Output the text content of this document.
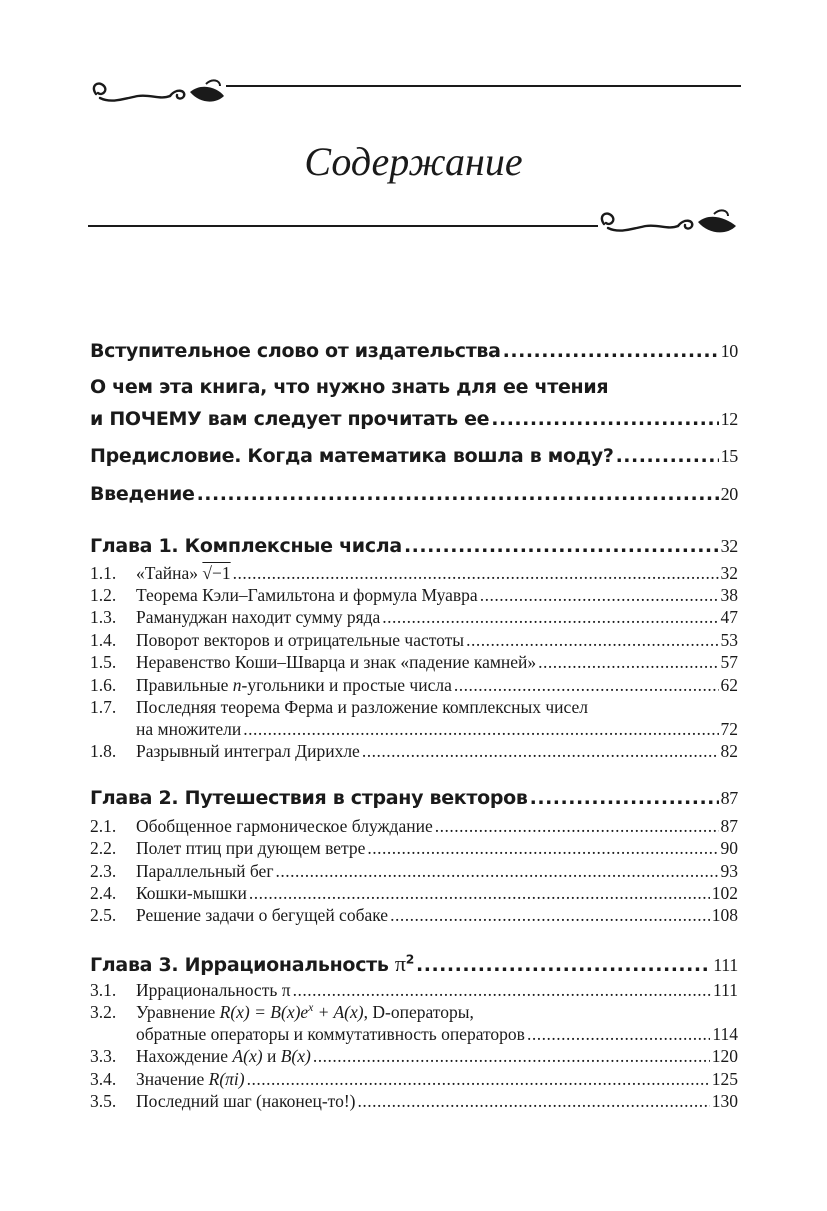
Содержание
Вступительное слово от издательства .....	10
О чем эта книга, что нужно знать для ее чтения
и ПОЧЕМУ вам следует прочитать ее .....	12
Предисловие. Когда математика вошла в моду? .....	15
Введение .....	20
Глава 1. Комплексные числа .....	32
1.1.	«Тайна» √−1 .....	32
1.2.	Теорема Кэли–Гамильтона и формула Муавра .....	38
1.3.	Рамануджан находит сумму ряда .....	47
1.4.	Поворот векторов и отрицательные частоты .....	53
1.5.	Неравенство Коши–Шварца и знак «падение камней» .....	57
1.6.	Правильные n-угольники и простые числа .....	62
1.7.	Последняя теорема Ферма и разложение комплексных чисел
на множители .....	72
1.8.	Разрывный интеграл Дирихле .....	82
Глава 2. Путешествия в страну векторов .....	87
2.1.	Обобщенное гармоническое блуждание .....	87
2.2.	Полет птиц при дующем ветре .....	90
2.3.	Параллельный бег .....	93
2.4.	Кошки-мышки .....	102
2.5.	Решение задачи о бегущей собаке .....	108
Глава 3. Иррациональность $\pi^2$ .....	111
3.1.	Иррациональность π .....	111
3.2.	Уравнение $R(x) = B(x)e^x + A(x)$, D-операторы,
обратные операторы и коммутативность операторов .....	114
3.3.	Нахождение A(x) и B(x) .....	120
3.4.	Значение R(πi) .....	125
3.5.	Последний шаг (наконец-то!) .....	130
